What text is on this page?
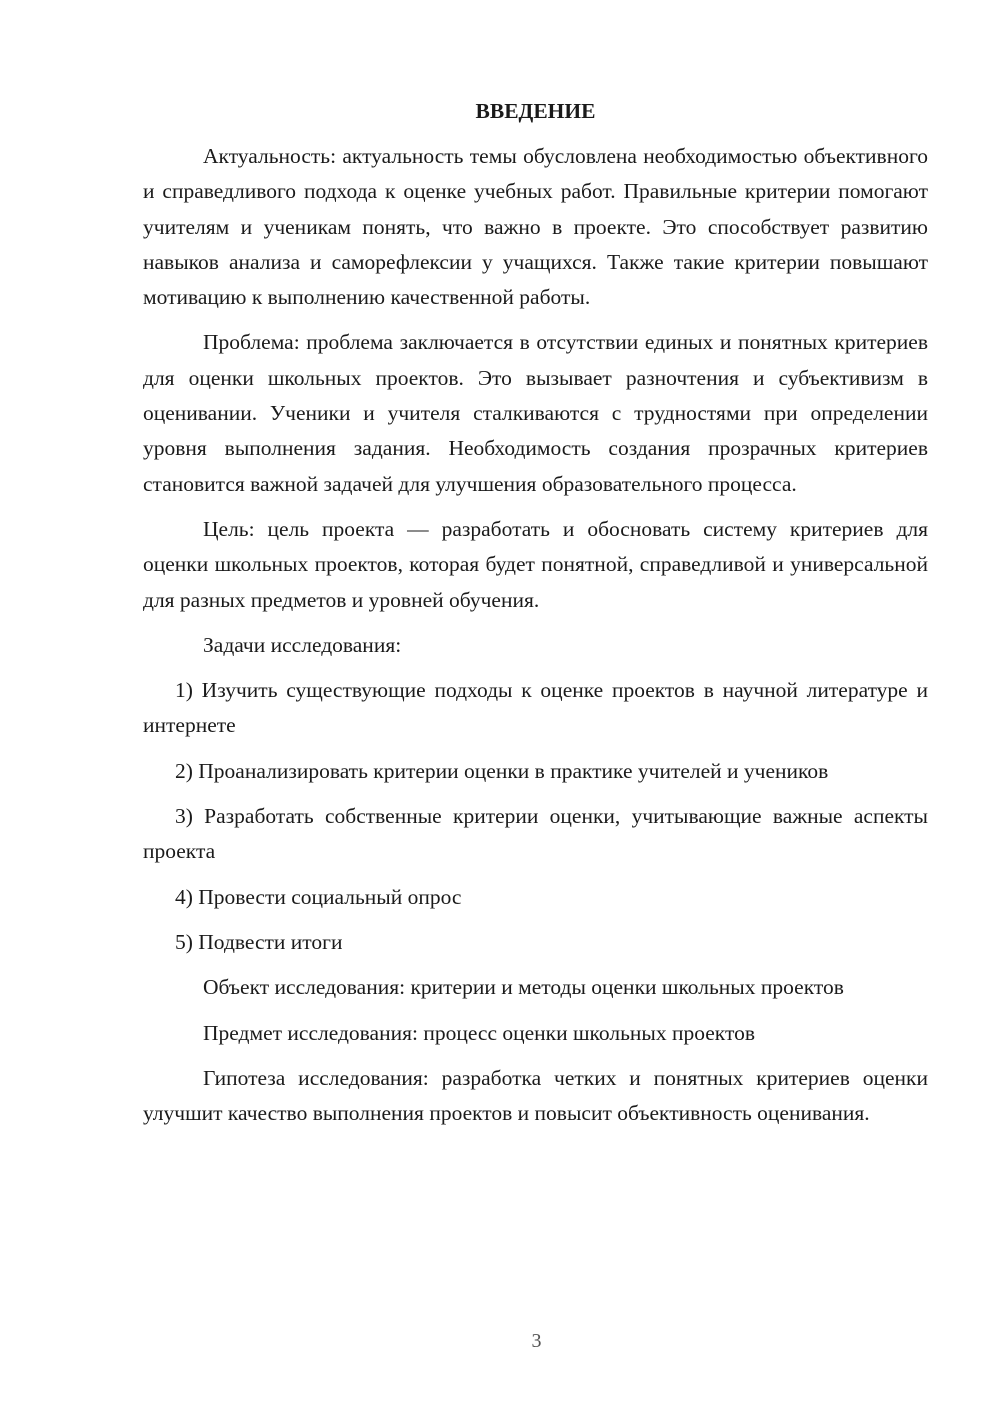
ВВЕДЕНИЕ

Актуальность: актуальность темы обусловлена необходимостью объективного и справедливого подхода к оценке учебных работ. Правильные критерии помогают учителям и ученикам понять, что важно в проекте. Это способствует развитию навыков анализа и саморефлексии у учащихся. Также такие критерии повышают мотивацию к выполнению качественной работы.

Проблема: проблема заключается в отсутствии единых и понятных критериев для оценки школьных проектов. Это вызывает разночтения и субъективизм в оценивании. Ученики и учителя сталкиваются с трудностями при определении уровня выполнения задания. Необходимость создания прозрачных критериев становится важной задачей для улучшения образовательного процесса.

Цель: цель проекта — разработать и обосновать систему критериев для оценки школьных проектов, которая будет понятной, справедливой и универсальной для разных предметов и уровней обучения.

Задачи исследования:

1) Изучить существующие подходы к оценке проектов в научной литературе и интернете

2) Проанализировать критерии оценки в практике учителей и учеников

3) Разработать собственные критерии оценки, учитывающие важные аспекты проекта

4) Провести социальный опрос

5) Подвести итоги

Объект исследования: критерии и методы оценки школьных проектов

Предмет исследования: процесс оценки школьных проектов

Гипотеза исследования: разработка четких и понятных критериев оценки улучшит качество выполнения проектов и повысит объективность оценивания.

3
